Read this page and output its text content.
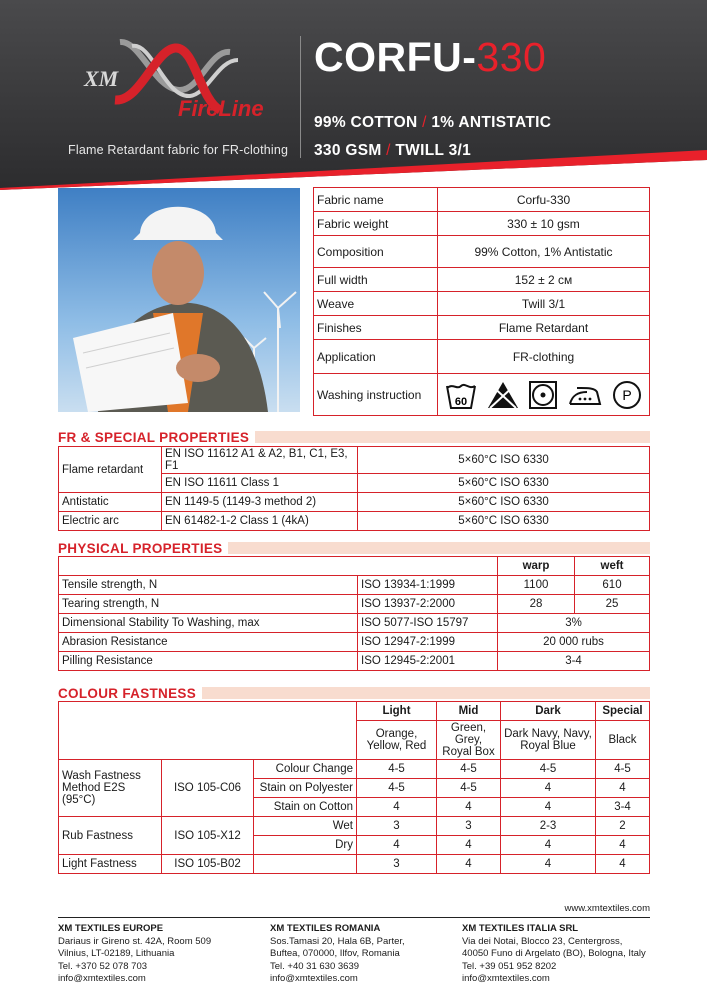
XM
FireLine
Flame Retardant fabric for FR-clothing
CORFU-330
99% COTTON / 1% ANTISTATIC
330 GSM / TWILL 3/1
Fabric name	Corfu-330
Fabric weight	330 ± 10 gsm
Composition	99% Cotton, 1% Antistatic
Full width	152 ± 2 см
Weave	Twill 3/1
Finishes	Flame Retardant
Application	FR-clothing
Washing instruction	60 P
FR & SPECIAL PROPERTIES
Flame retardant	EN ISO 11612 A1 & A2, B1, C1, E3, F1	5×60°C ISO 6330
	EN ISO 11611 Class 1	5×60°C ISO 6330
Antistatic	EN 1149-5 (1149-3 method 2)	5×60°C ISO 6330
Electric arc	EN 61482-1-2 Class 1 (4kA)	5×60°C ISO 6330
PHYSICAL PROPERTIES
		warp	weft
Tensile strength, N	ISO 13934-1:1999	1100	610
Tearing strength, N	ISO 13937-2:2000	28	25
Dimensional Stability To Washing, max	ISO 5077-ISO 15797	3%	
Abrasion Resistance	ISO 12947-2:1999	20 000 rubs	
Pilling Resistance	ISO 12945-2:2001	3-4	
COLOUR FASTNESS
			Light	Mid	Dark	Special
			Orange, Yellow, Red	Green, Grey, Royal Box	Dark Navy, Navy, Royal Blue	Black
Wash Fastness Method E2S (95°C)	ISO 105-C06	Colour Change	4-5	4-5	4-5	4-5
		Stain on Polyester	4-5	4-5	4	4
		Stain on Cotton	4	4	4	3-4
Rub Fastness	ISO 105-X12	Wet	3	3	2-3	2
		Dry	4	4	4	4
Light Fastness	ISO 105-B02		3	4	4	4
www.xmtextiles.com
XM TEXTILES EUROPE
Dariaus ir Gireno st. 42A, Room 509
Vilnius, LT-02189, Lithuania
Tel. +370 52 078 703
info@xmtextiles.com
XM TEXTILES ROMANIA
Sos.Tamasi 20, Hala 6B, Parter,
Buftea, 070000, Ilfov, Romania
Tel. +40 31 630 3639
info@xmtextiles.com
XM TEXTILES ITALIA SRL
Via dei Notai, Blocco 23, Centergross,
40050 Funo di Argelato (BO), Bologna, Italy
Tel. +39 051 952 8202
info@xmtextiles.com
